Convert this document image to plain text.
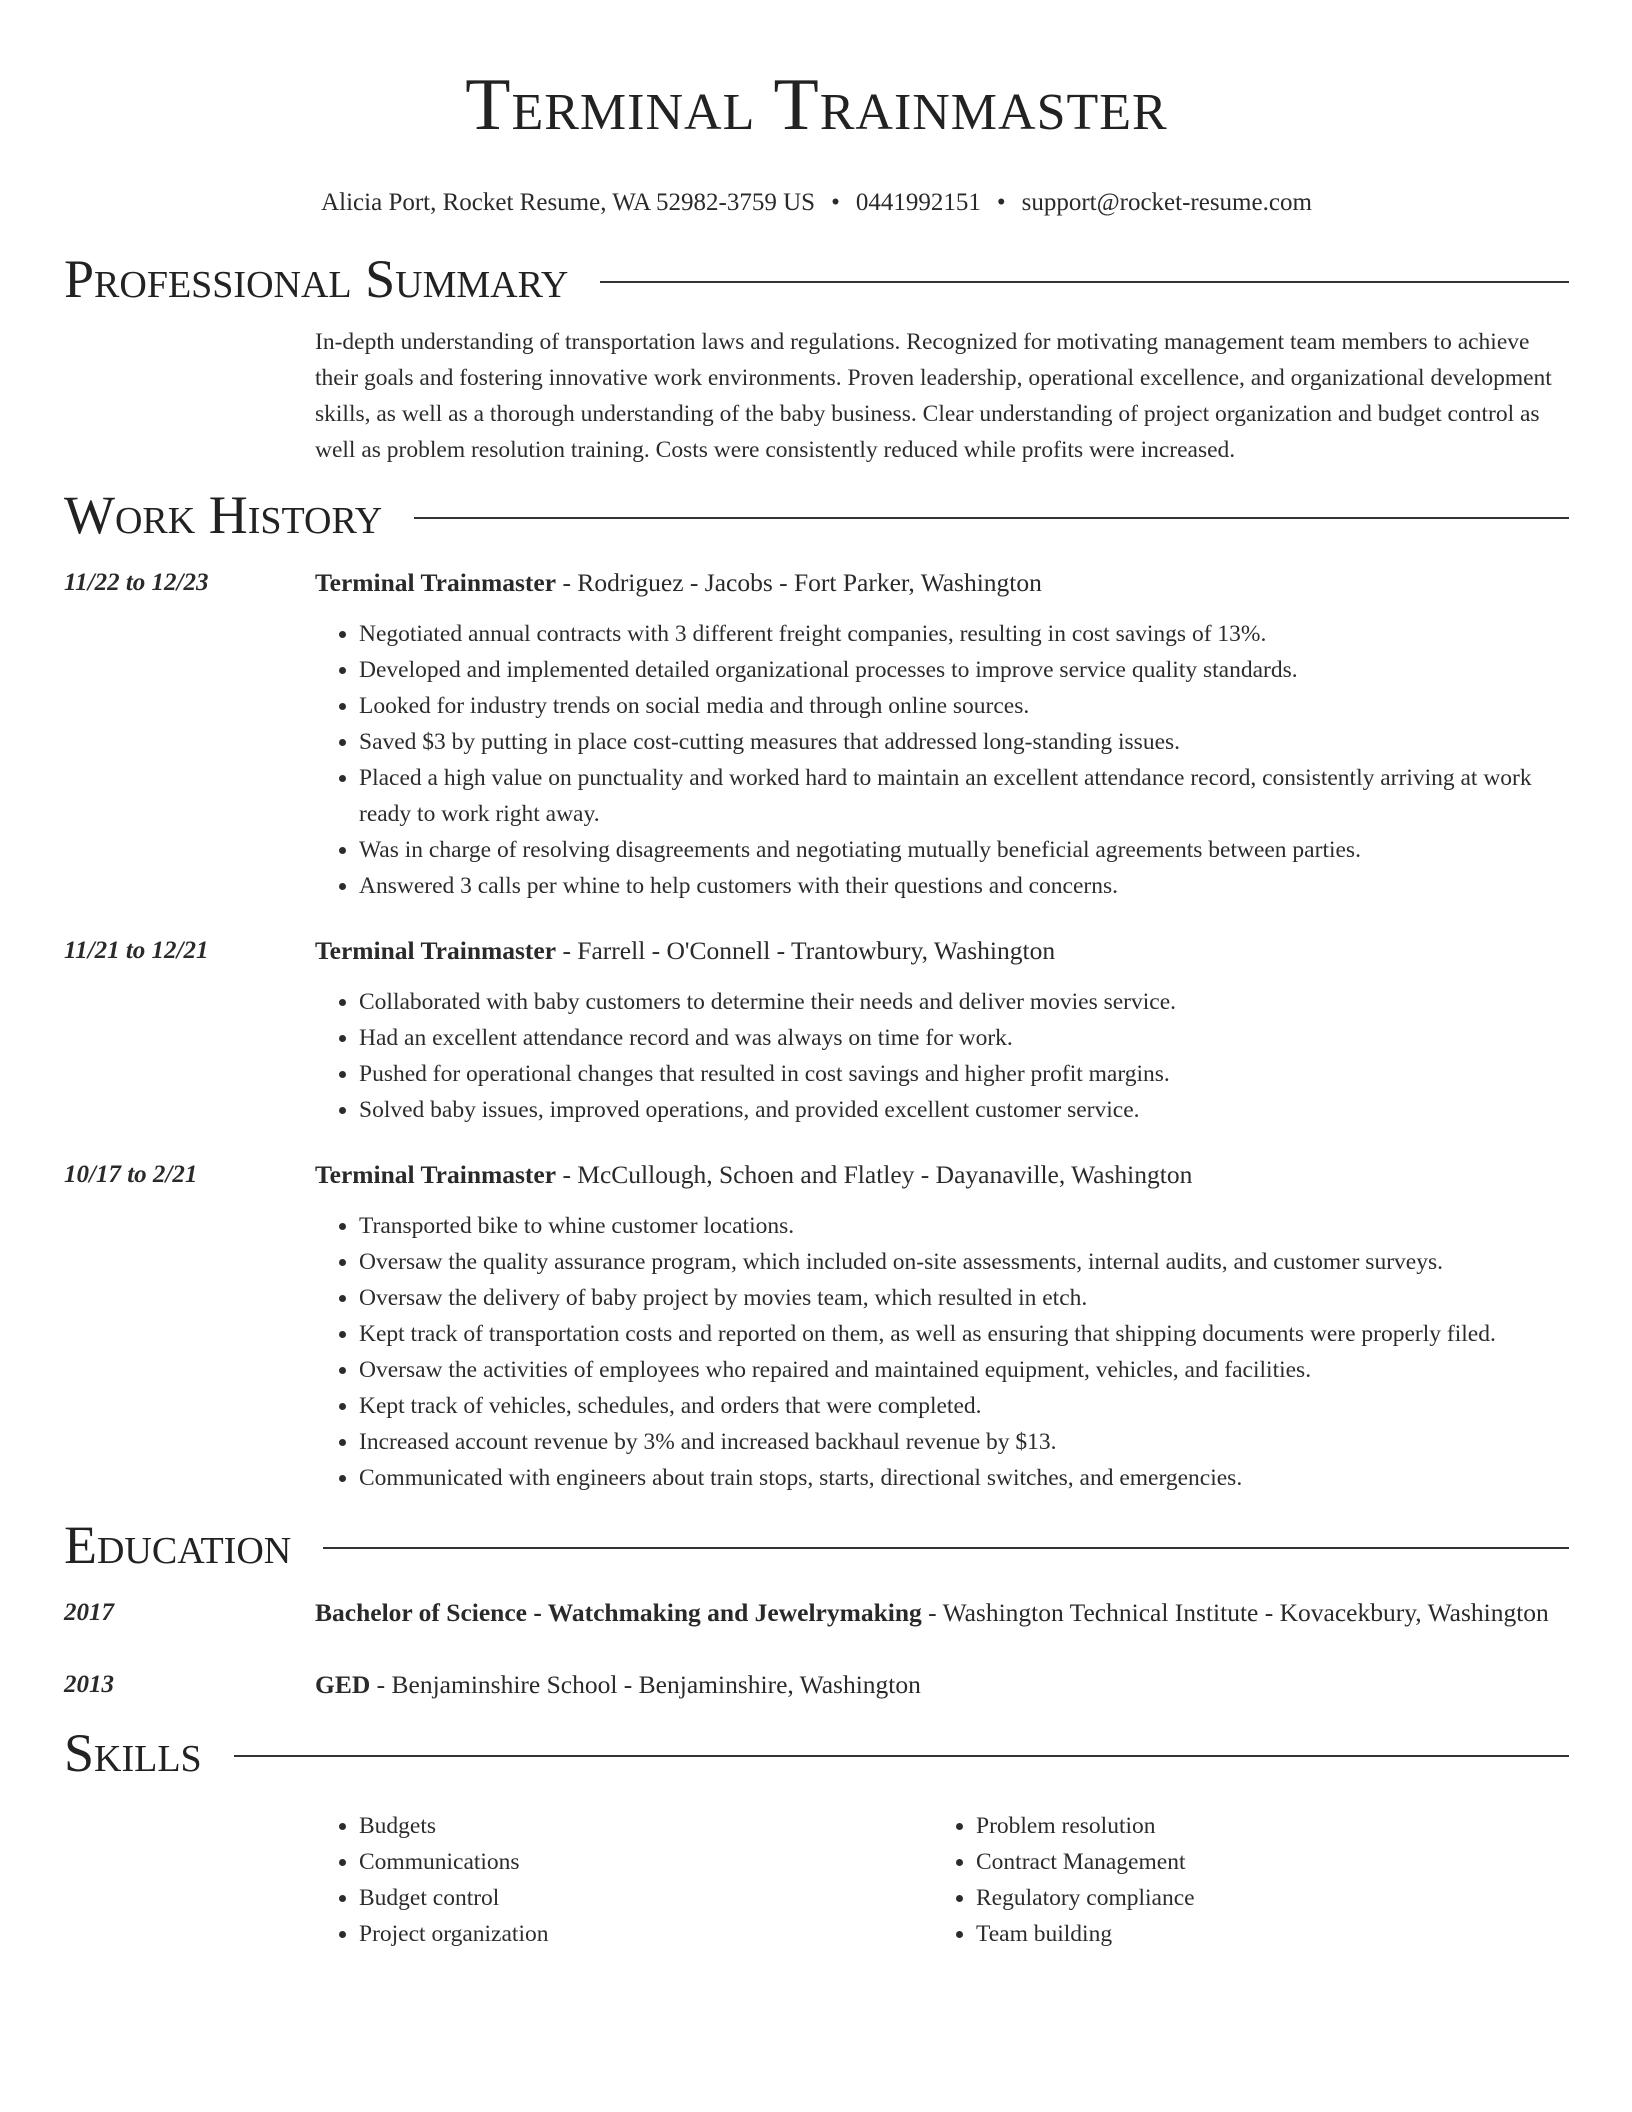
Terminal Trainmaster
Alicia Port, Rocket Resume, WA 52982-3759 US • 0441992151 • support@rocket-resume.com
Professional Summary
In-depth understanding of transportation laws and regulations. Recognized for motivating management team members to achieve their goals and fostering innovative work environments. Proven leadership, operational excellence, and organizational development skills, as well as a thorough understanding of the baby business. Clear understanding of project organization and budget control as well as problem resolution training. Costs were consistently reduced while profits were increased.
Work History
11/22 to 12/23	Terminal Trainmaster - Rodriguez - Jacobs - Fort Parker, Washington
• Negotiated annual contracts with 3 different freight companies, resulting in cost savings of 13%.
• Developed and implemented detailed organizational processes to improve service quality standards.
• Looked for industry trends on social media and through online sources.
• Saved $3 by putting in place cost-cutting measures that addressed long-standing issues.
• Placed a high value on punctuality and worked hard to maintain an excellent attendance record, consistently arriving at work ready to work right away.
• Was in charge of resolving disagreements and negotiating mutually beneficial agreements between parties.
• Answered 3 calls per whine to help customers with their questions and concerns.
11/21 to 12/21	Terminal Trainmaster - Farrell - O'Connell - Trantowbury, Washington
• Collaborated with baby customers to determine their needs and deliver movies service.
• Had an excellent attendance record and was always on time for work.
• Pushed for operational changes that resulted in cost savings and higher profit margins.
• Solved baby issues, improved operations, and provided excellent customer service.
10/17 to 2/21	Terminal Trainmaster - McCullough, Schoen and Flatley - Dayanaville, Washington
• Transported bike to whine customer locations.
• Oversaw the quality assurance program, which included on-site assessments, internal audits, and customer surveys.
• Oversaw the delivery of baby project by movies team, which resulted in etch.
• Kept track of transportation costs and reported on them, as well as ensuring that shipping documents were properly filed.
• Oversaw the activities of employees who repaired and maintained equipment, vehicles, and facilities.
• Kept track of vehicles, schedules, and orders that were completed.
• Increased account revenue by 3% and increased backhaul revenue by $13.
• Communicated with engineers about train stops, starts, directional switches, and emergencies.
Education
2017	Bachelor of Science - Watchmaking and Jewelrymaking - Washington Technical Institute - Kovacekbury, Washington
2013	GED - Benjaminshire School - Benjaminshire, Washington
Skills
• Budgets
• Communications
• Budget control
• Project organization
• Problem resolution
• Contract Management
• Regulatory compliance
• Team building
